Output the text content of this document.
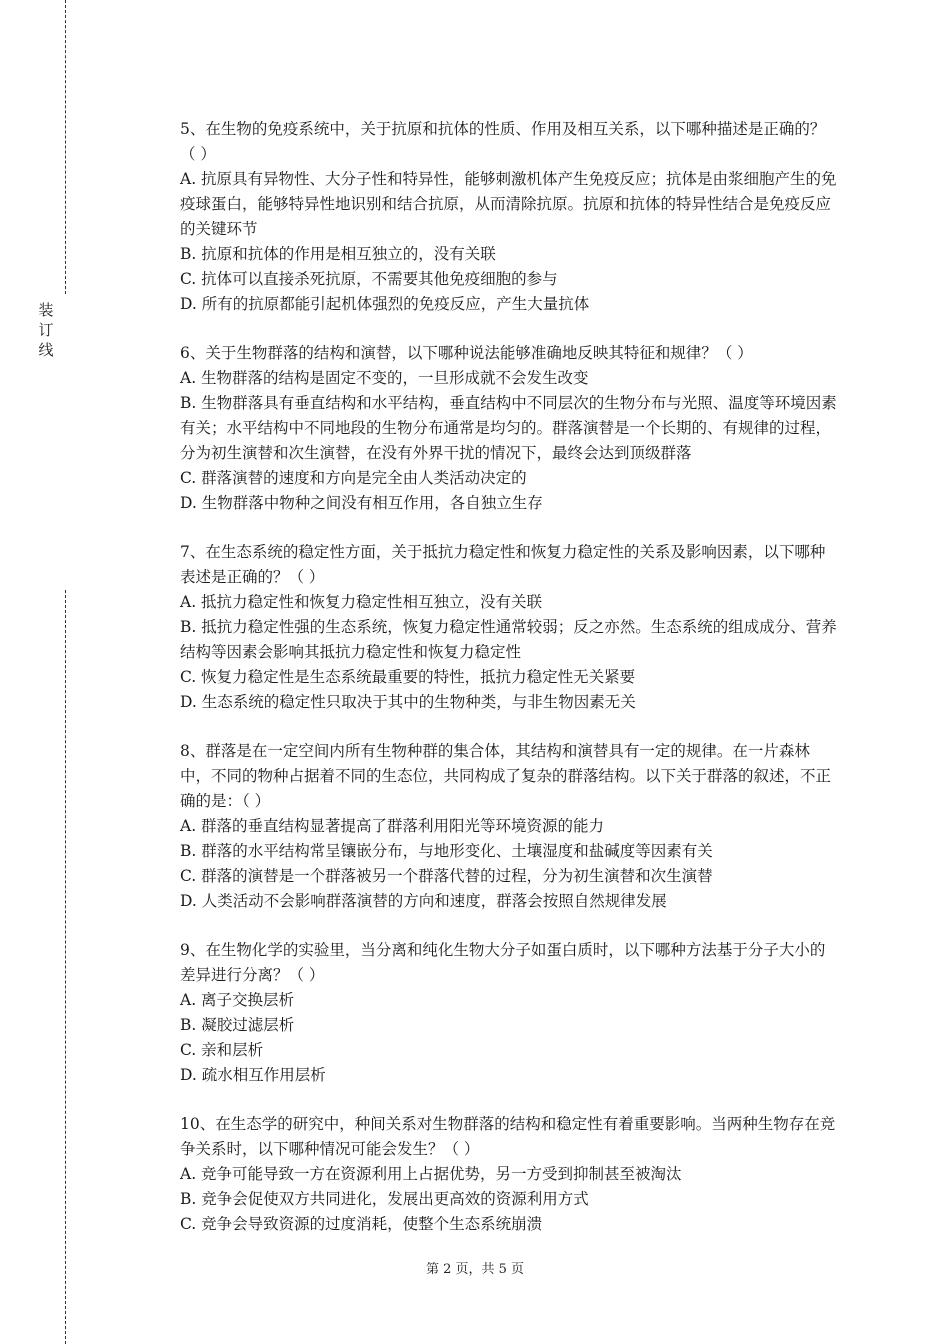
装
订
线

5、在生物的免疫系统中，关于抗原和抗体的性质、作用及相互关系，以下哪种描述是正确的？（ ）

A. 抗原具有异物性、大分子性和特异性，能够刺激机体产生免疫反应；抗体是由浆细胞产生的免疫球蛋白，能够特异性地识别和结合抗原，从而清除抗原。抗原和抗体的特异性结合是免疫反应的关键环节

B. 抗原和抗体的作用是相互独立的，没有关联

C. 抗体可以直接杀死抗原，不需要其他免疫细胞的参与

D. 所有的抗原都能引起机体强烈的免疫反应，产生大量抗体

6、关于生物群落的结构和演替，以下哪种说法能够准确地反映其特征和规律？（ ）

A. 生物群落的结构是固定不变的，一旦形成就不会发生改变

B. 生物群落具有垂直结构和水平结构，垂直结构中不同层次的生物分布与光照、温度等环境因素有关；水平结构中不同地段的生物分布通常是均匀的。群落演替是一个长期的、有规律的过程，分为初生演替和次生演替，在没有外界干扰的情况下，最终会达到顶级群落

C. 群落演替的速度和方向是完全由人类活动决定的

D. 生物群落中物种之间没有相互作用，各自独立生存

7、在生态系统的稳定性方面，关于抵抗力稳定性和恢复力稳定性的关系及影响因素，以下哪种表述是正确的？（ ）

A. 抵抗力稳定性和恢复力稳定性相互独立，没有关联

B. 抵抗力稳定性强的生态系统，恢复力稳定性通常较弱；反之亦然。生态系统的组成成分、营养结构等因素会影响其抵抗力稳定性和恢复力稳定性

C. 恢复力稳定性是生态系统最重要的特性，抵抗力稳定性无关紧要

D. 生态系统的稳定性只取决于其中的生物种类，与非生物因素无关

8、群落是在一定空间内所有生物种群的集合体，其结构和演替具有一定的规律。在一片森林中，不同的物种占据着不同的生态位，共同构成了复杂的群落结构。以下关于群落的叙述，不正确的是：（ ）

A. 群落的垂直结构显著提高了群落利用阳光等环境资源的能力

B. 群落的水平结构常呈镶嵌分布，与地形变化、土壤湿度和盐碱度等因素有关

C. 群落的演替是一个群落被另一个群落代替的过程，分为初生演替和次生演替

D. 人类活动不会影响群落演替的方向和速度，群落会按照自然规律发展

9、在生物化学的实验里，当分离和纯化生物大分子如蛋白质时，以下哪种方法基于分子大小的差异进行分离？（ ）

A. 离子交换层析

B. 凝胶过滤层析

C. 亲和层析

D. 疏水相互作用层析

10、在生态学的研究中，种间关系对生物群落的结构和稳定性有着重要影响。当两种生物存在竞争关系时，以下哪种情况可能会发生？（ ）

A. 竞争可能导致一方在资源利用上占据优势，另一方受到抑制甚至被淘汰

B. 竞争会促使双方共同进化，发展出更高效的资源利用方式

C. 竞争会导致资源的过度消耗，使整个生态系统崩溃

第 2 页，共 5 页
